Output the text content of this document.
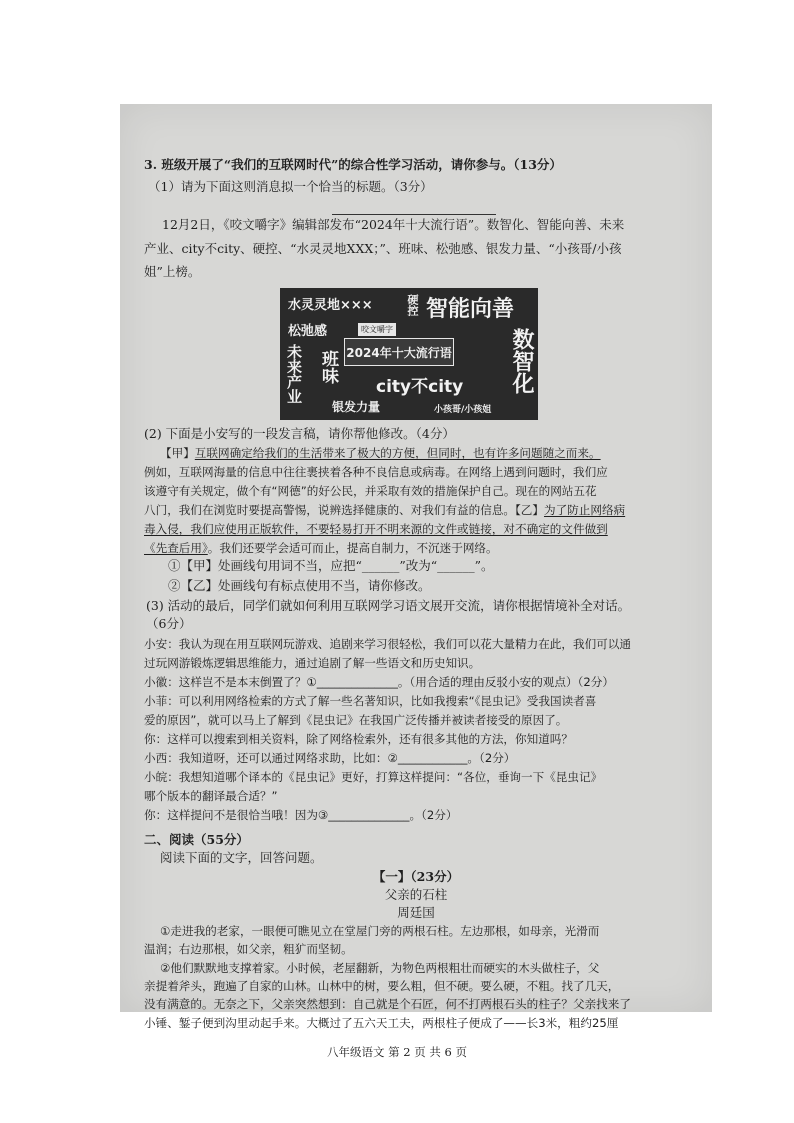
3. 班级开展了“我们的互联网时代”的综合性学习活动，请你参与。（13分）
（1）请为下面这则消息拟一个恰当的标题。（3分）
12月2日，《咬文嚼字》编辑部发布“2024年十大流行语”。数智化、智能向善、未来
产业、city不city、硬控、“水灵灵地XXX；”、班味、松弛感、银发力量、“小孩哥/小孩
姐”上榜。
水灵灵地×××	硬控 智能向善
松弛感	咬文嚼字
2024年十大流行语
未来产业 班味	数智化
city不city
银发力量	小孩哥/小孩姐
(2) 下面是小安写的一段发言稿，请你帮他修改。（4分）
【甲】互联网确定给我们的生活带来了极大的方便，但同时，也有许多问题随之而来。
例如，互联网海量的信息中往往裹挟着各种不良信息或病毒。在网络上遇到问题时，我们应
该遵守有关规定，做个有“网德”的好公民，并采取有效的措施保护自己。现在的网站五花
八门，我们在浏览时要提高警惕，说辨选择健康的、对我们有益的信息。【乙】为了防止网络病
毒入侵，我们应使用正版软件，不要轻易打开不明来源的文件或链接，对不确定的文件做到
《先查后用》。我们还要学会适可而止，提高自制力，不沉迷于网络。
①【甲】处画线句用词不当，应把“______”改为“______”。
②【乙】处画线句有标点使用不当，请你修改。
(3) 活动的最后，同学们就如何利用互联网学习语文展开交流，请你根据情境补全对话。
（6分）
小安：我认为现在用互联网玩游戏、追剧来学习很轻松，我们可以花大量精力在此，我们可以通
过玩网游锻炼逻辑思维能力，通过追剧了解一些语文和历史知识。
小徽：这样岂不是本末倒置了？①______________。（用合适的理由反驳小安的观点）（2分）
小菲：可以利用网络检索的方式了解一些名著知识，比如我搜索“《昆虫记》受我国读者喜
爱的原因”，就可以马上了解到《昆虫记》在我国广泛传播并被读者接受的原因了。
你：这样可以搜索到相关资料，除了网络检索外，还有很多其他的方法，你知道吗？
小西：我知道呀，还可以通过网络求助，比如：②____________。（2分）
小皖：我想知道哪个译本的《昆虫记》更好，打算这样提问：“各位，垂询一下《昆虫记》
哪个版本的翻译最合适？”
你：这样提问不是很恰当哦！因为③______________。（2分）
二、阅读（55分）
阅读下面的文字，回答问题。
【一】（23分）
父亲的石柱
周廷国
①走进我的老家，一眼便可瞧见立在堂屋门旁的两根石柱。左边那根，如母亲，光滑而
温润；右边那根，如父亲，粗犷而坚韧。
②他们默默地支撑着家。小时候，老屋翻新，为物色两根粗壮而硬实的木头做柱子，父
亲提着斧头，跑遍了自家的山林。山林中的树，要么粗，但不硬。要么硬，不粗。找了几天，
没有满意的。无奈之下，父亲突然想到：自己就是个石匠，何不打两根石头的柱子？父亲找来了
小锤、錾子便到沟里动起手来。大概过了五六天工夫，两根柱子便成了——长3米，粗约25厘
八年级语文 第 2 页 共 6 页
